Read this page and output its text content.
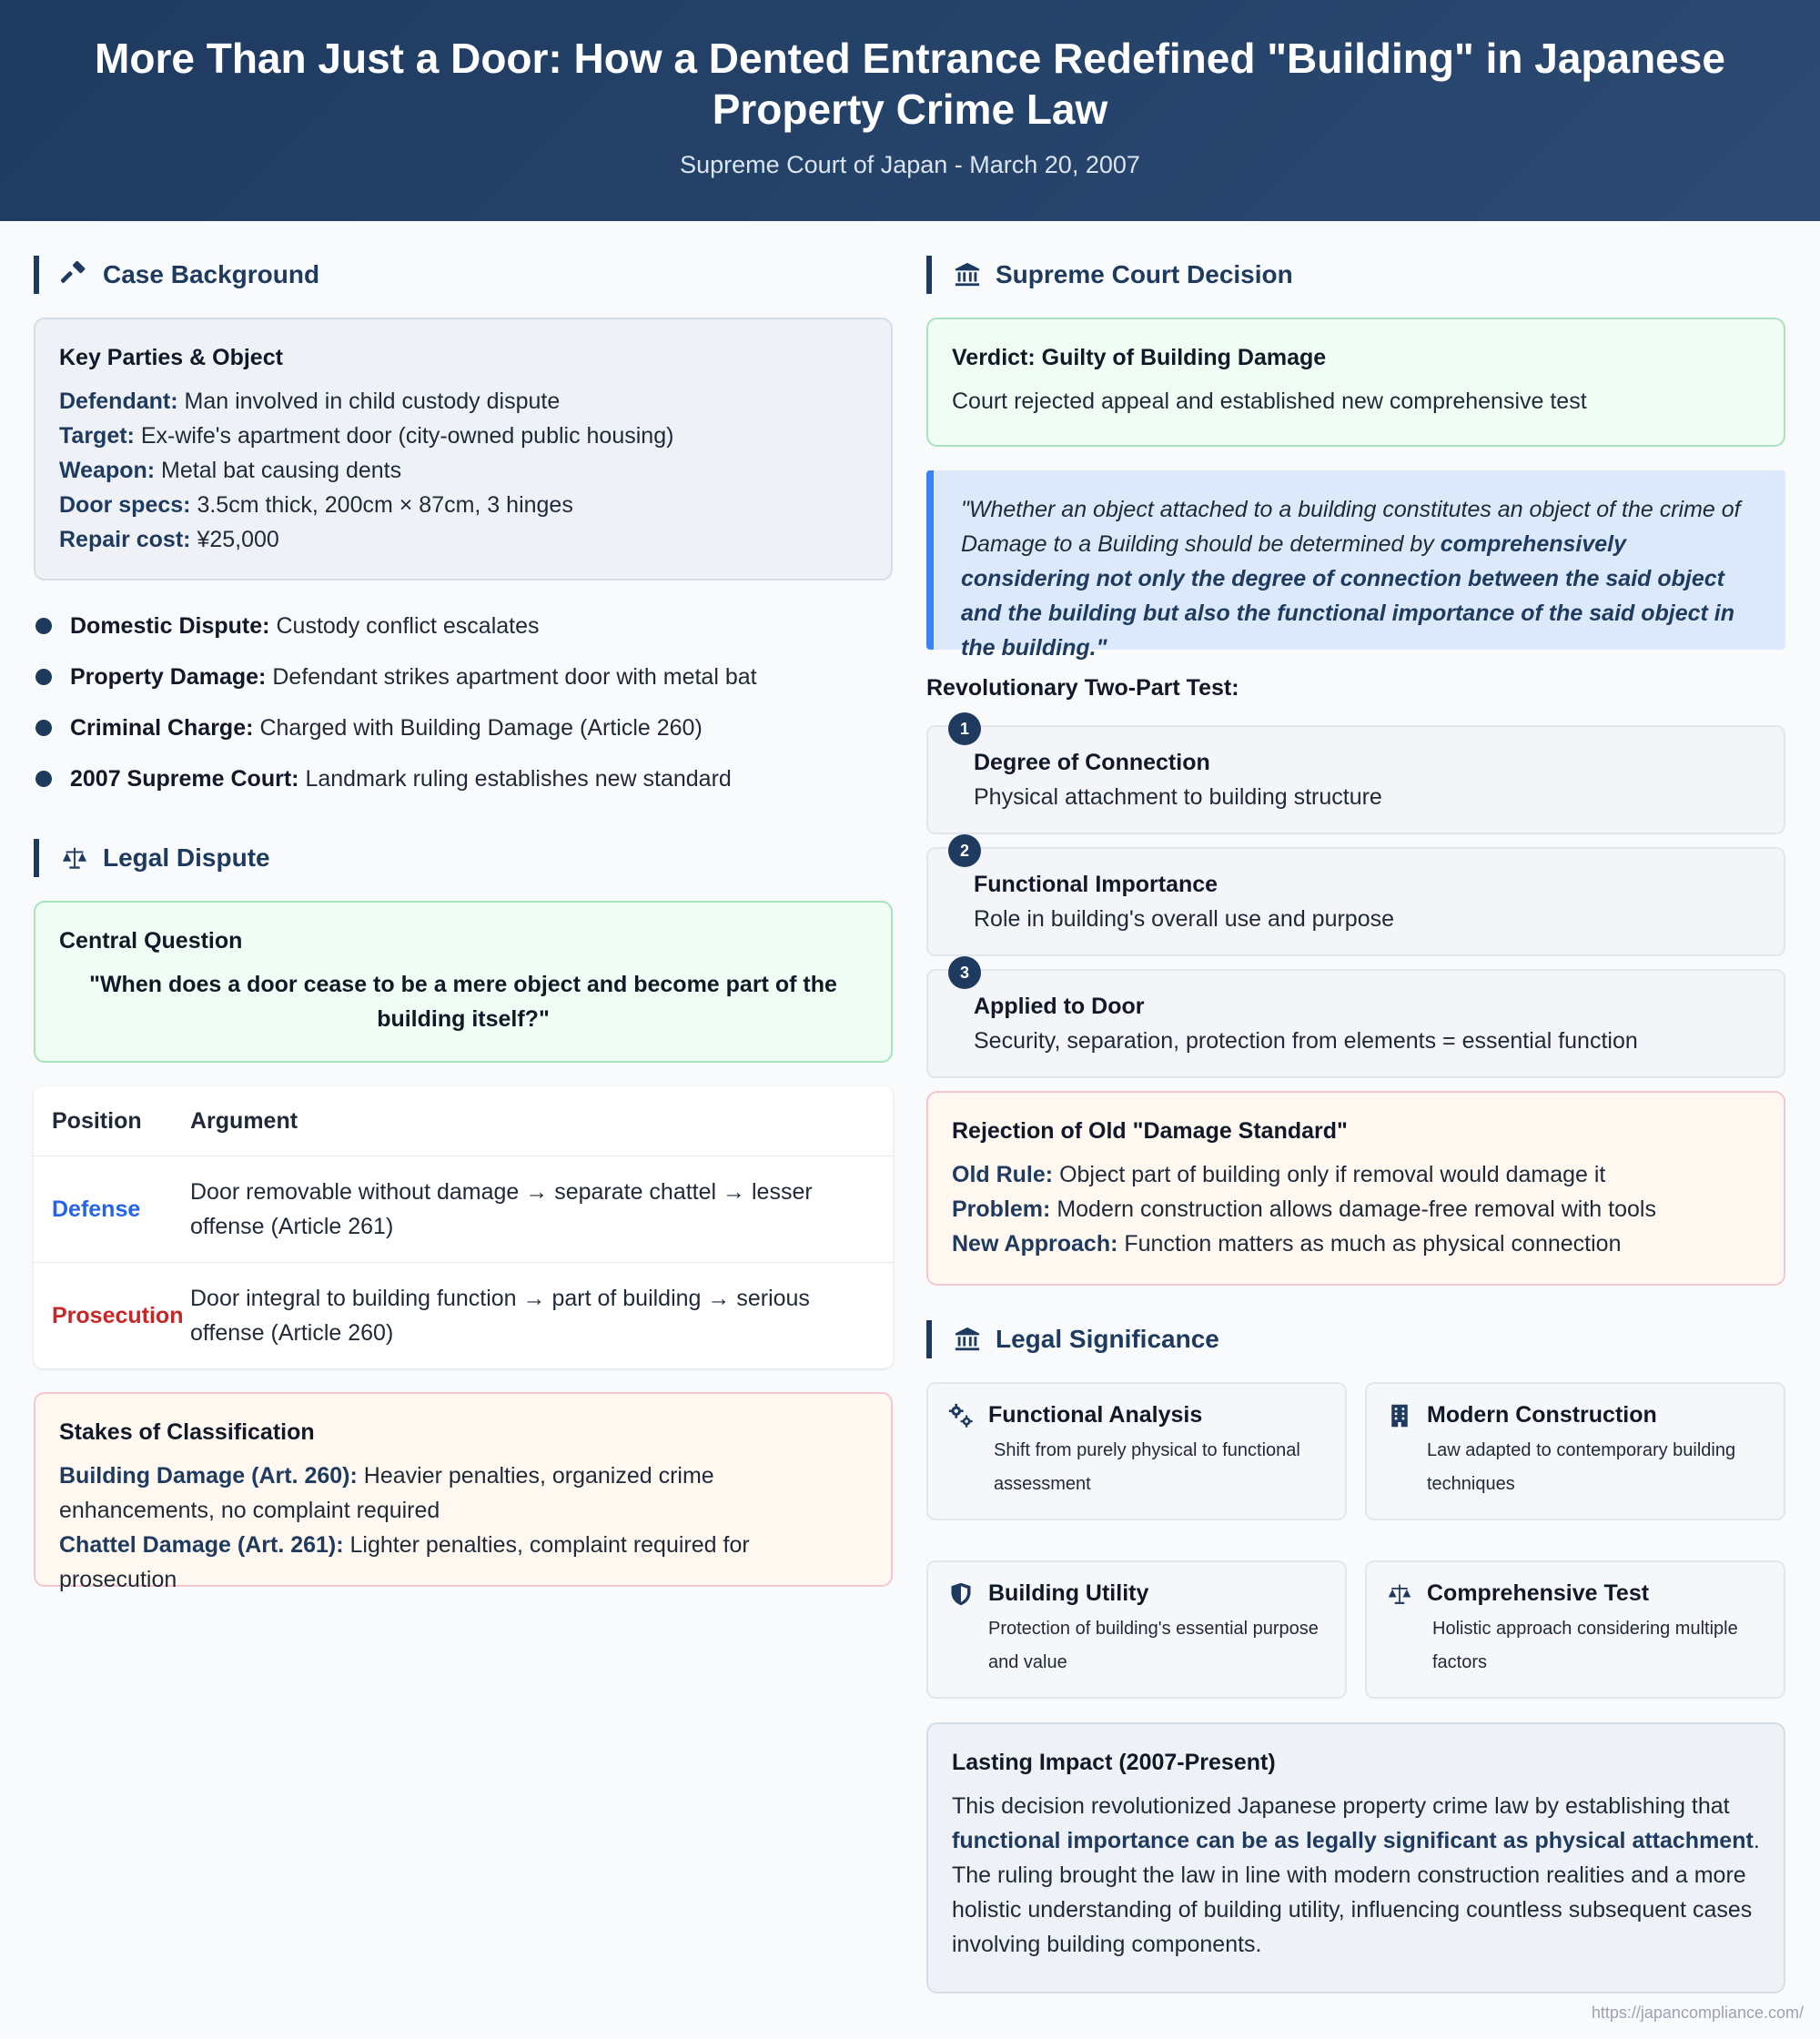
More Than Just a Door: How a Dented Entrance Redefined "Building" in Japanese Property Crime Law
Supreme Court of Japan - March 20, 2007
Case Background
Key Parties & Object
Defendant: Man involved in child custody dispute
Target: Ex-wife's apartment door (city-owned public housing)
Weapon: Metal bat causing dents
Door specs: 3.5cm thick, 200cm × 87cm, 3 hinges
Repair cost: ¥25,000
Domestic Dispute: Custody conflict escalates
Property Damage: Defendant strikes apartment door with metal bat
Criminal Charge: Charged with Building Damage (Article 260)
2007 Supreme Court: Landmark ruling establishes new standard
Legal Dispute
Central Question
"When does a door cease to be a mere object and become part of the building itself?"
Position	Argument
Defense
Door removable without damage → separate chattel → lesser offense (Article 261)
Prosecution
Door integral to building function → part of building → serious offense (Article 260)
Stakes of Classification
Building Damage (Art. 260): Heavier penalties, organized crime enhancements, no complaint required
Chattel Damage (Art. 261): Lighter penalties, complaint required for prosecution
Supreme Court Decision
Verdict: Guilty of Building Damage
Court rejected appeal and established new comprehensive test
"Whether an object attached to a building constitutes an object of the crime of Damage to a Building should be determined by comprehensively considering not only the degree of connection between the said object and the building but also the functional importance of the said object in the building."
Revolutionary Two-Part Test:
1
Degree of Connection
Physical attachment to building structure
2
Functional Importance
Role in building's overall use and purpose
3
Applied to Door
Security, separation, protection from elements = essential function
Rejection of Old "Damage Standard"
Old Rule: Object part of building only if removal would damage it
Problem: Modern construction allows damage-free removal with tools
New Approach: Function matters as much as physical connection
Legal Significance
Functional Analysis
Shift from purely physical to functional assessment
Modern Construction
Law adapted to contemporary building techniques
Building Utility
Protection of building's essential purpose and value
Comprehensive Test
Holistic approach considering multiple factors
Lasting Impact (2007-Present)
This decision revolutionized Japanese property crime law by establishing that functional importance can be as legally significant as physical attachment. The ruling brought the law in line with modern construction realities and a more holistic understanding of building utility, influencing countless subsequent cases involving building components.
https://japancompliance.com/
